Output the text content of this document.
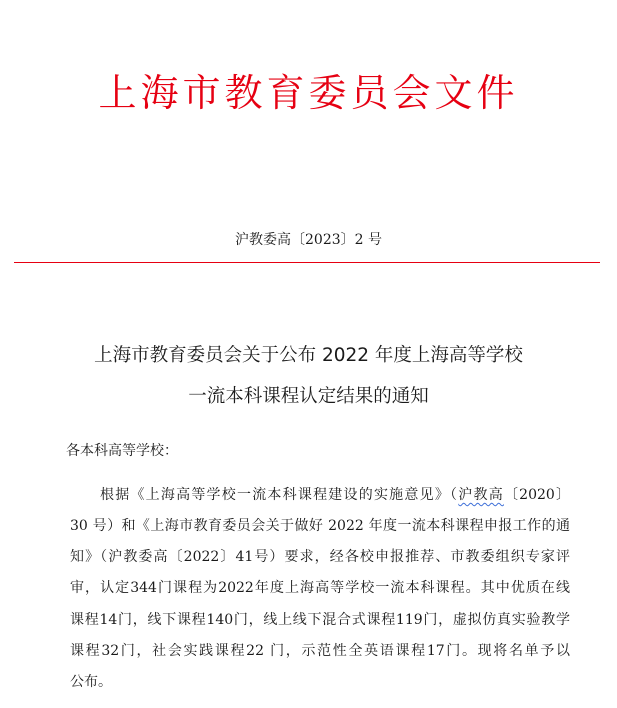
上海市教育委员会文件
沪教委高〔2023〕2 号
上海市教育委员会关于公布 2022 年度上海高等学校
一流本科课程认定结果的通知
各本科高等学校：
根据《上海高等学校一流本科课程建设的实施意见》（沪教高〔2020〕
30 号）和《上海市教育委员会关于做好 2022 年度一流本科课程申报工作的通
知》（沪教委高〔2022〕41号）要求，经各校申报推荐、市教委组织专家评
审，认定344门课程为2022年度上海高等学校一流本科课程。其中优质在线
课程14门，线下课程140门，线上线下混合式课程119门，虚拟仿真实验教学
课程32门，社会实践课程22 门，示范性全英语课程17门。现将名单予以
公布。
